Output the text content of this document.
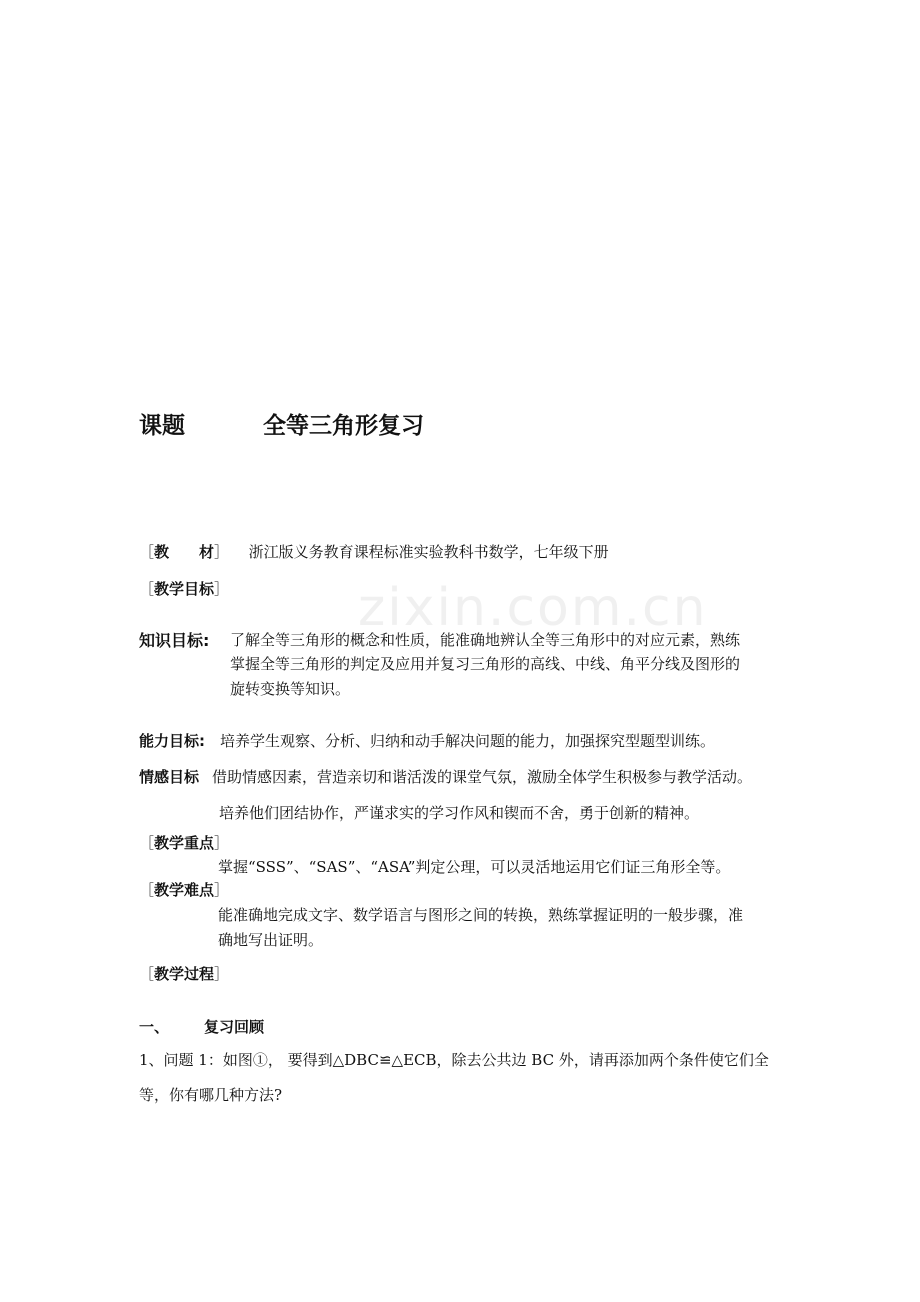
zixin.com.cn
课题	全等三角形复习
［教 材］ 浙江版义务教育课程标准实验教科书数学，七年级下册
［教学目标］
知识目标: 了解全等三角形的概念和性质，能准确地辨认全等三角形中的对应元素，熟练
掌握全等三角形的判定及应用并复习三角形的高线、中线、角平分线及图形的
旋转变换等知识。
能力目标: 培养学生观察、分析、归纳和动手解决问题的能力，加强探究型题型训练。
情感目标 借助情感因素，营造亲切和谐活泼的课堂气氛，激励全体学生积极参与教学活动。
培养他们团结协作，严谨求实的学习作风和锲而不舍，勇于创新的精神。
［教学重点］
掌握“SSS”、“SAS”、“ASA”判定公理，可以灵活地运用它们证三角形全等。
［教学难点］
能准确地完成文字、数学语言与图形之间的转换，熟练掌握证明的一般步骤，准
确地写出证明。
［教学过程］
一、 复习回顾
1、问题 1：如图①， 要得到△DBC≌△ECB，除去公共边 BC 外，请再添加两个条件使它们全
等，你有哪几种方法?
